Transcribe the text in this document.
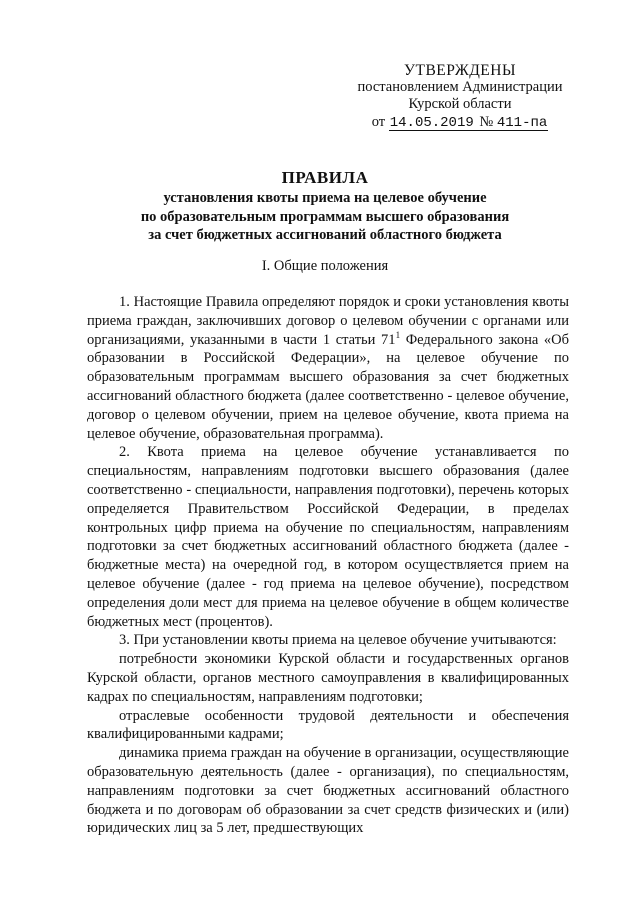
УТВЕРЖДЕНЫ
постановлением Администрации
Курской области
от 14.05.2019 № 411-па
ПРАВИЛА
установления квоты приема на целевое обучение
по образовательным программам высшего образования
за счет бюджетных ассигнований областного бюджета
I. Общие положения

1. Настоящие Правила определяют порядок и сроки установления квоты приема граждан, заключивших договор о целевом обучении с органами или организациями, указанными в части 1 статьи $71^1$ Федерального закона «Об образовании в Российской Федерации», на целевое обучение по образовательным программам высшего образования за счет бюджетных ассигнований областного бюджета (далее соответственно - целевое обучение, договор о целевом обучении, прием на целевое обучение, квота приема на целевое обучение, образовательная программа).

2. Квота приема на целевое обучение устанавливается по специальностям, направлениям подготовки высшего образования (далее соответственно - специальности, направления подготовки), перечень которых определяется Правительством Российской Федерации, в пределах контрольных цифр приема на обучение по специальностям, направлениям подготовки за счет бюджетных ассигнований областного бюджета (далее - бюджетные места) на очередной год, в котором осуществляется прием на целевое обучение (далее - год приема на целевое обучение), посредством определения доли мест для приема на целевое обучение в общем количестве бюджетных мест (процентов).

3. При установлении квоты приема на целевое обучение учитываются:

потребности экономики Курской области и государственных органов Курской области, органов местного самоуправления в квалифицированных кадрах по специальностям, направлениям подготовки;

отраслевые особенности трудовой деятельности и обеспечения квалифицированными кадрами;

динамика приема граждан на обучение в организации, осуществляющие образовательную деятельность (далее - организация), по специальностям, направлениям подготовки за счет бюджетных ассигнований областного бюджета и по договорам об образовании за счет средств физических и (или) юридических лиц за 5 лет, предшествующих
